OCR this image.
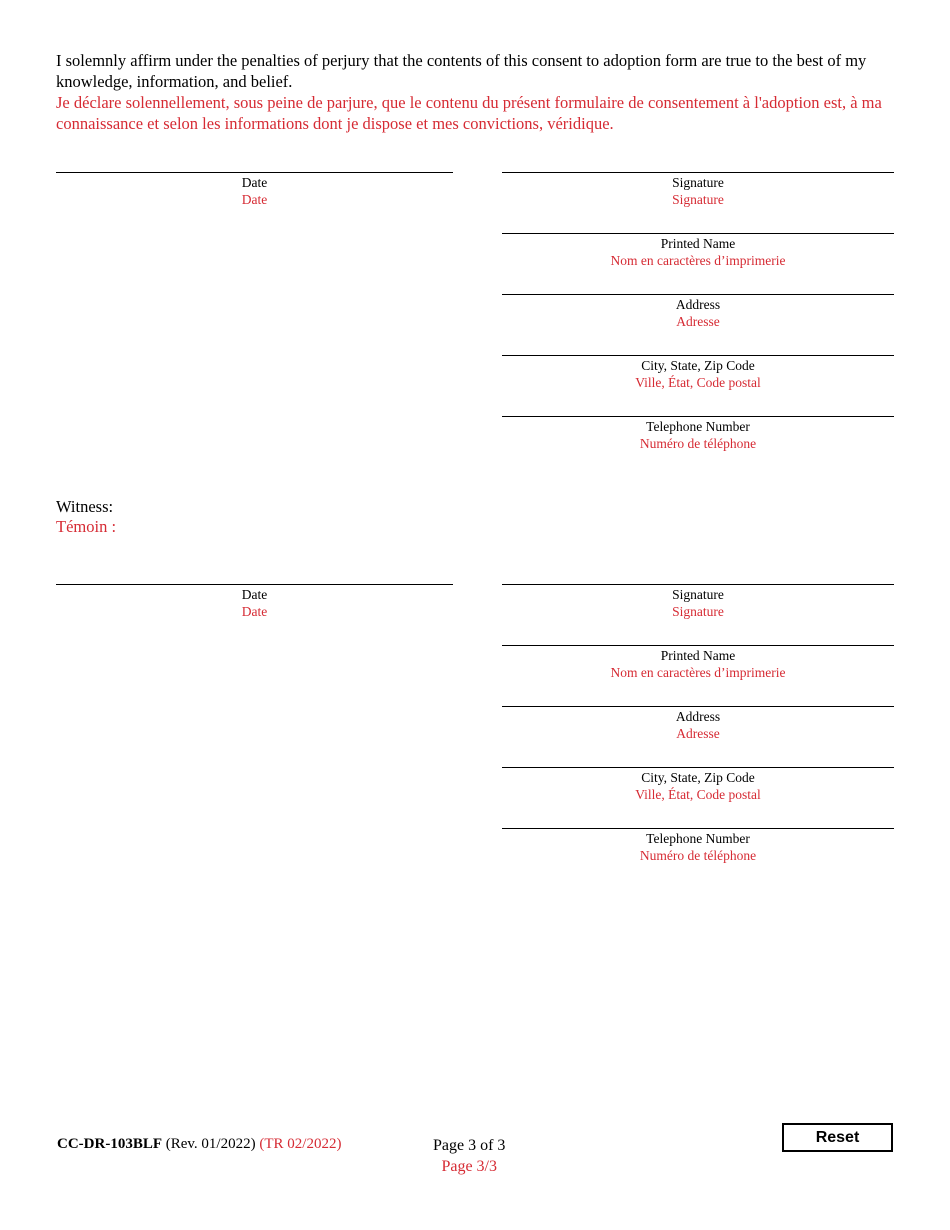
I solemnly affirm under the penalties of perjury that the contents of this consent to adoption form are true to the best of my knowledge, information, and belief.

Je déclare solennellement, sous peine de parjure, que le contenu du présent formulaire de consentement à l'adoption est, à ma connaissance et selon les informations dont je dispose et mes convictions, véridique.

Date
Date
Signature
Signature
Printed Name
Nom en caractères d’imprimerie
Address
Adresse
City, State, Zip Code
Ville, État, Code postal
Telephone Number
Numéro de téléphone
Witness:
Témoin :
Date
Date
Signature
Signature
Printed Name
Nom en caractères d’imprimerie
Address
Adresse
City, State, Zip Code
Ville, État, Code postal
Telephone Number
Numéro de téléphone
CC-DR-103BLF (Rev. 01/2022) (TR 02/2022)	Page 3 of 3
Page 3/3
Reset
